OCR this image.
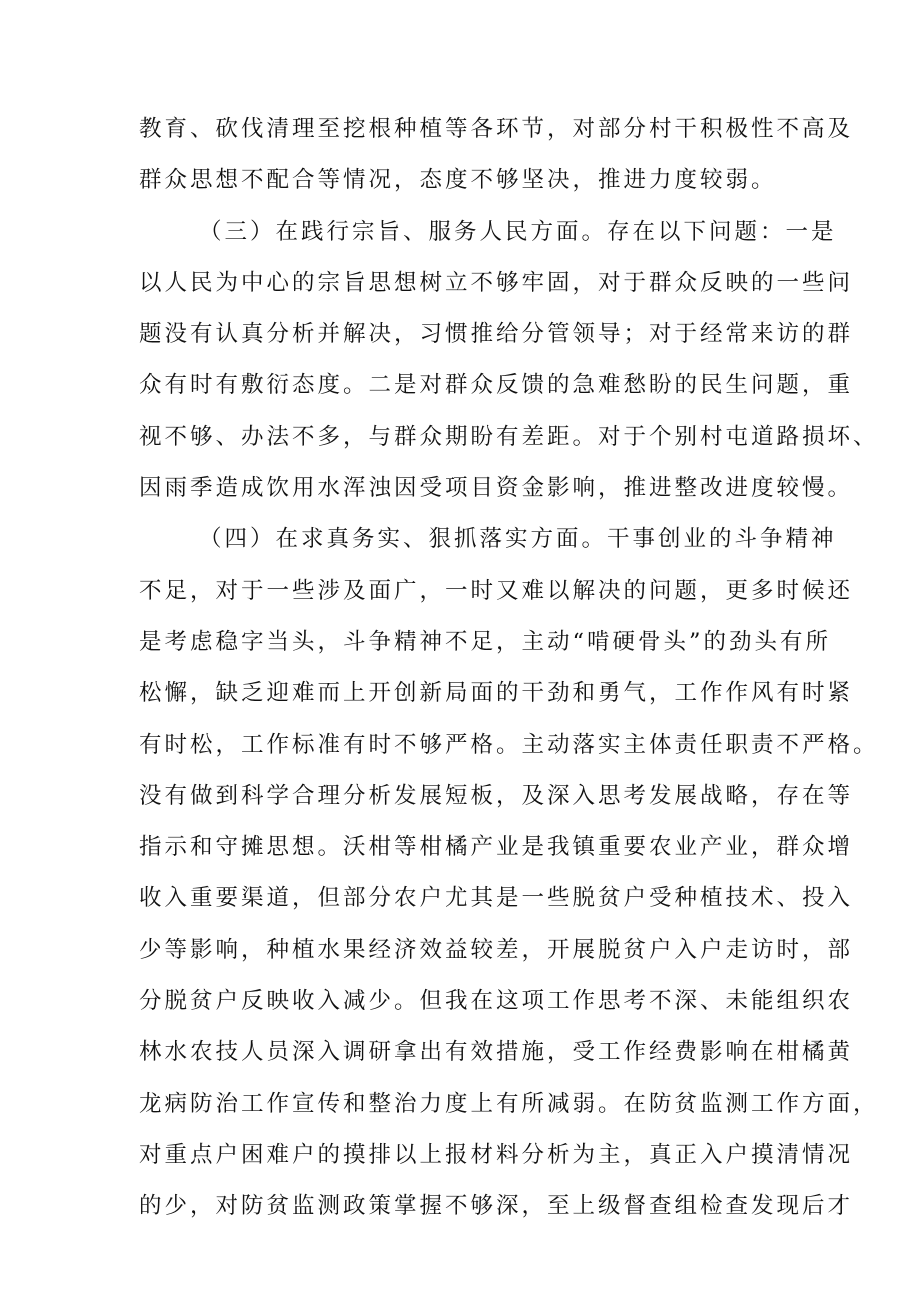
教育、砍伐清理至挖根种植等各环节，对部分村干积极性不高及
群众思想不配合等情况，态度不够坚决，推进力度较弱。
（三）在践行宗旨、服务人民方面。存在以下问题：一是
以人民为中心的宗旨思想树立不够牢固，对于群众反映的一些问
题没有认真分析并解决，习惯推给分管领导；对于经常来访的群
众有时有敷衍态度。二是对群众反馈的急难愁盼的民生问题，重
视不够、办法不多，与群众期盼有差距。对于个别村屯道路损坏、
因雨季造成饮用水浑浊因受项目资金影响，推进整改进度较慢。
（四）在求真务实、狠抓落实方面。干事创业的斗争精神
不足，对于一些涉及面广，一时又难以解决的问题，更多时候还
是考虑稳字当头，斗争精神不足，主动“啃硬骨头”的劲头有所
松懈，缺乏迎难而上开创新局面的干劲和勇气，工作作风有时紧
有时松，工作标准有时不够严格。主动落实主体责任职责不严格。
没有做到科学合理分析发展短板，及深入思考发展战略，存在等
指示和守摊思想。沃柑等柑橘产业是我镇重要农业产业，群众增
收入重要渠道，但部分农户尤其是一些脱贫户受种植技术、投入
少等影响，种植水果经济效益较差，开展脱贫户入户走访时，部
分脱贫户反映收入减少。但我在这项工作思考不深、未能组织农
林水农技人员深入调研拿出有效措施，受工作经费影响在柑橘黄
龙病防治工作宣传和整治力度上有所减弱。在防贫监测工作方面，
对重点户困难户的摸排以上报材料分析为主，真正入户摸清情况
的少，对防贫监测政策掌握不够深，至上级督查组检查发现后才
